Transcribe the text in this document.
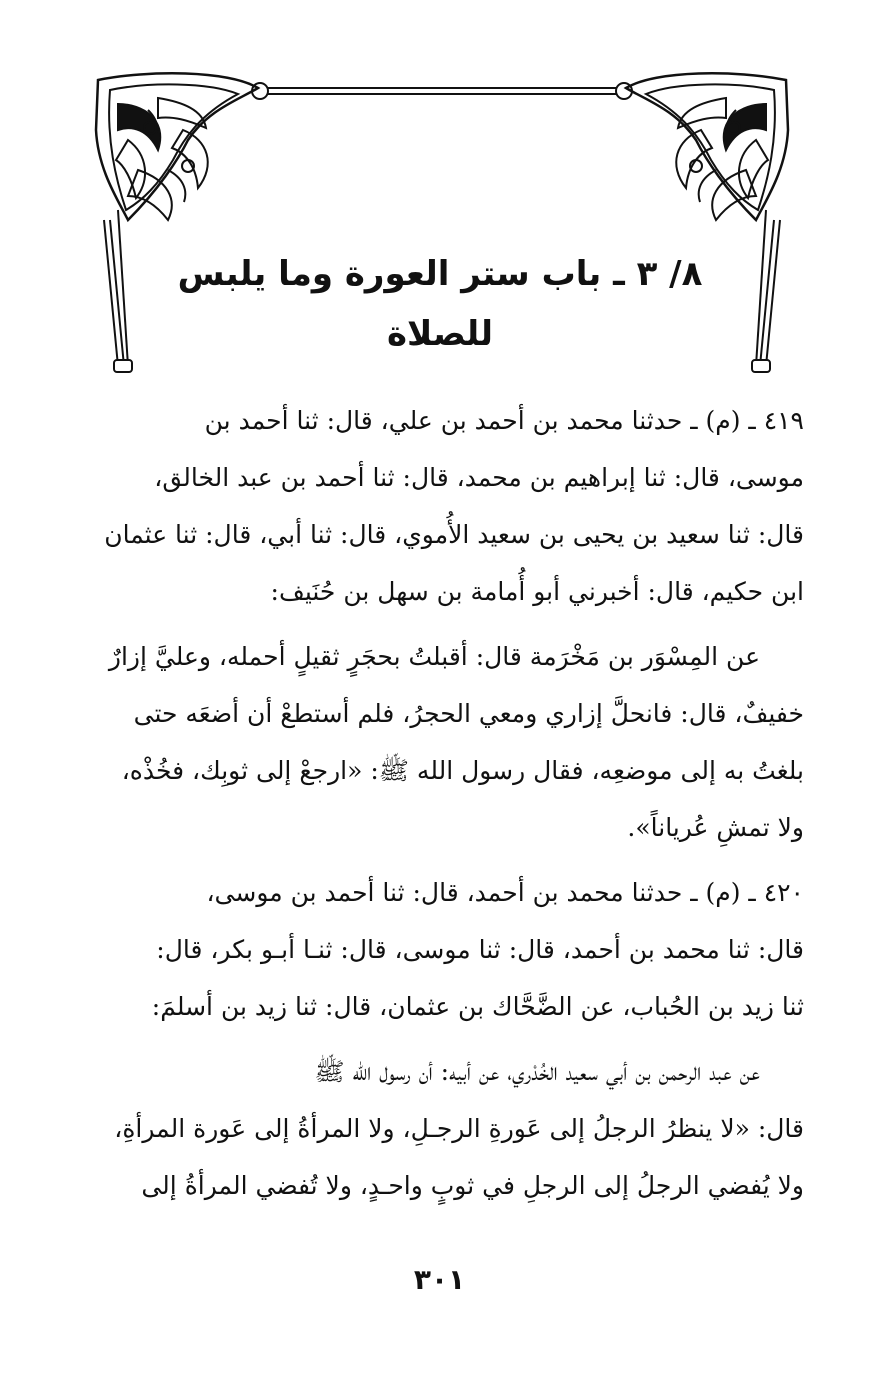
٨/ ٣ ـ باب ستر العورة وما يلبس للصلاة

٤١٩ ـ (م) ـ حدثنا محمد بن أحمد بن علي، قال: ثنا أحمد بن
موسى، قال: ثنا إبراهيم بن محمد، قال: ثنا أحمد بن عبد الخالق،
قال: ثنا سعيد بن يحيى بن سعيد الأُموي، قال: ثنا أبي، قال: ثنا عثمان
ابن حكيم، قال: أخبرني أبو أُمامة بن سهل بن حُنَيف:

عن المِسْوَر بن مَخْرَمة قال: أقبلتُ بحجَرٍ ثقيلٍ أحمله، وعليَّ إزارٌ
خفيفٌ، قال: فانحلَّ إزاري ومعي الحجرُ، فلم أستطعْ أن أضعَه حتى
بلغتُ به إلى موضعِه، فقال رسول الله ﷺ: «ارجعْ إلى ثوبِك، فخُذْه،
ولا تمشِ عُرياناً».

٤٢٠ ـ (م) ـ حدثنا محمد بن أحمد، قال: ثنا أحمد بن موسى،
قال: ثنا محمد بن أحمد، قال: ثنا موسى، قال: ثنـا أبـو بكر، قال:
ثنا زيد بن الحُباب، عن الضَّحَّاك بن عثمان، قال: ثنا زيد بن أسلمَ:

عن عبد الرحمن بن أبي سعيد الخُدْري، عن أبيه: أن رسول الله ﷺ
قال: «لا ينظرُ الرجلُ إلى عَورةِ الرجـلِ، ولا المرأةُ إلى عَورة المرأةِ،
ولا يُفضي الرجلُ إلى الرجلِ في ثوبٍ واحـدٍ، ولا تُفضي المرأةُ إلى

٣٠١
